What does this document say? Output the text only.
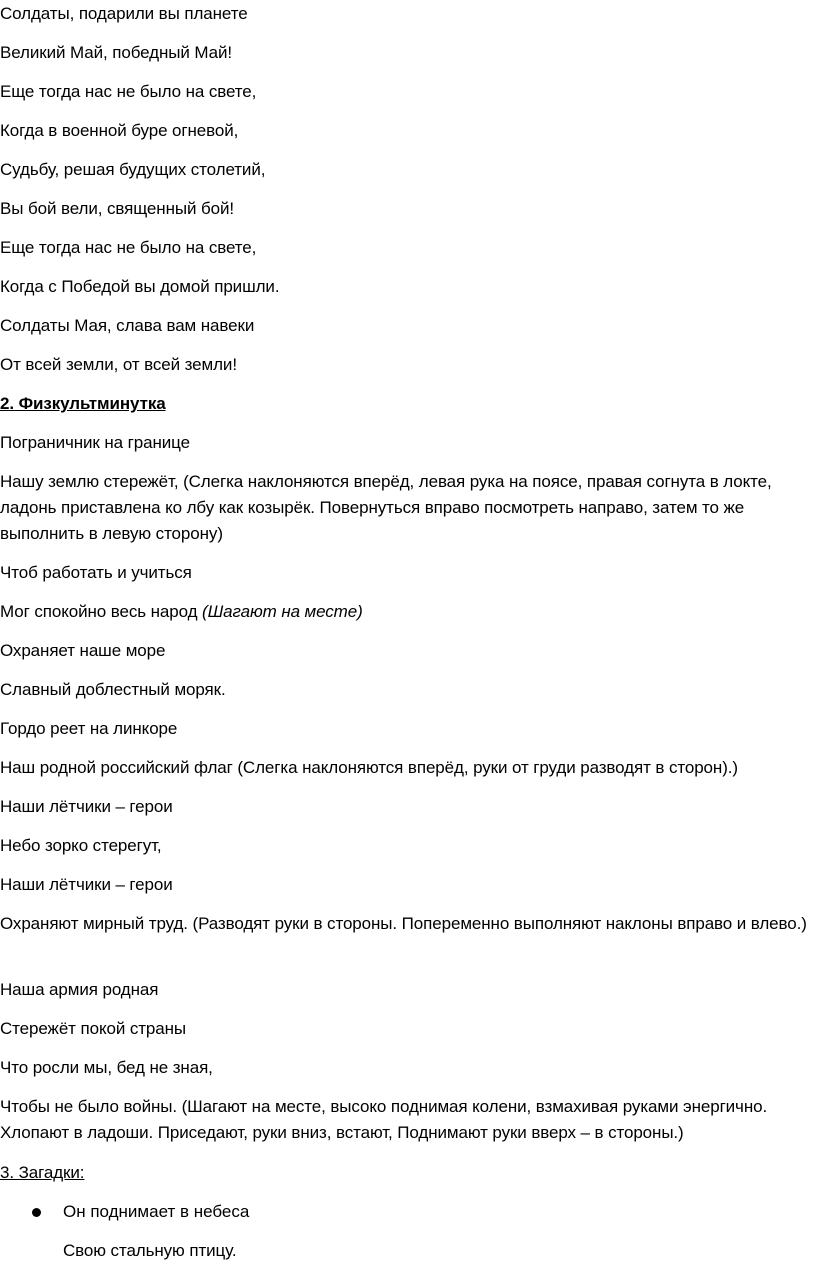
Солдаты, подарили вы планете
Великий Май, победный Май!
Еще тогда нас не было на свете,
Когда в военной буре огневой,
Судьбу, решая будущих столетий,
Вы бой вели, священный бой!
Еще тогда нас не было на свете,
Когда с Победой вы домой пришли.
Солдаты Мая, слава вам навеки
От всей земли, от всей земли!
2. Физкультминутка
Пограничник на границе
Нашу землю стережёт, (Слегка наклоняются вперёд, левая рука на поясе, правая согнута в локте, ладонь приставлена ко лбу как козырёк. Повернуться вправо посмотреть направо, затем то же выполнить в левую сторону)
Чтоб работать и учиться
Мог спокойно весь народ (Шагают на месте)
Охраняет наше море
Славный доблестный моряк.
Гордо реет на линкоре
Наш родной российский флаг (Слегка наклоняются вперёд, руки от груди разводят в сторон).)
Наши лётчики – герои
Небо зорко стерегут,
Наши лётчики – герои
Охраняют мирный труд. (Разводят руки в стороны. Попеременно выполняют наклоны вправо и влево.)
Наша армия родная
Стережёт покой страны
Что росли мы, бед не зная,
Чтобы не было войны. (Шагают на месте, высоко поднимая колени, взмахивая руками энергично. Хлопают в ладоши. Приседают, руки вниз, встают, Поднимают руки вверх – в стороны.)
3. Загадки:
Он поднимает в небеса
Свою стальную птицу.
